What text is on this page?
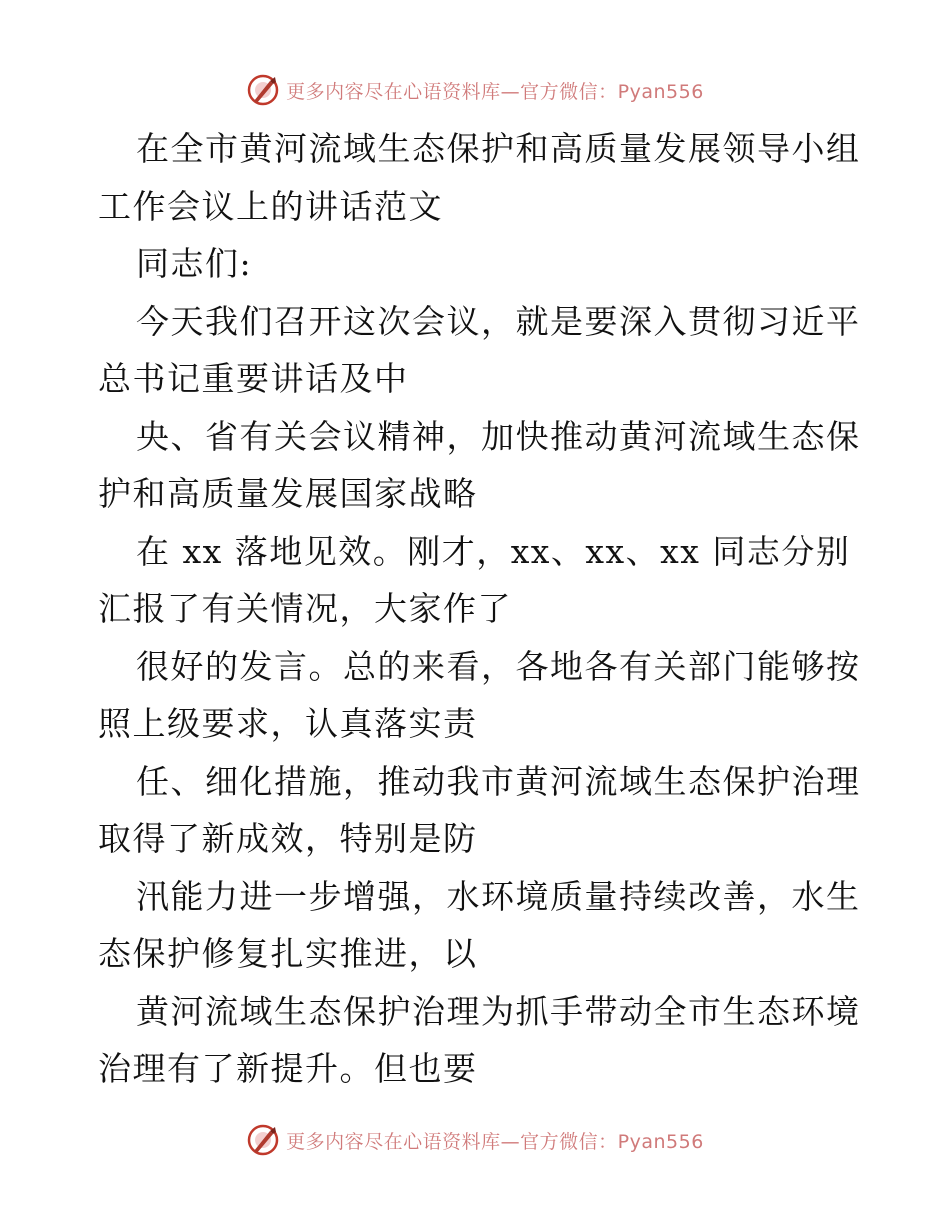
更多内容尽在心语资料库—官方微信：Pyan556
在全市黄河流域生态保护和高质量发展领导小组
工作会议上的讲话范文
同志们:
今天我们召开这次会议，就是要深入贯彻习近平
总书记重要讲话及中
央、省有关会议精神，加快推动黄河流域生态保
护和高质量发展国家战略
在 xx 落地见效。刚才，xx、xx、xx 同志分别
汇报了有关情况，大家作了
很好的发言。总的来看，各地各有关部门能够按
照上级要求，认真落实责
任、细化措施，推动我市黄河流域生态保护治理
取得了新成效，特别是防
汛能力进一步增强，水环境质量持续改善，水生
态保护修复扎实推进，以
黄河流域生态保护治理为抓手带动全市生态环境
治理有了新提升。但也要
更多内容尽在心语资料库—官方微信：Pyan556
